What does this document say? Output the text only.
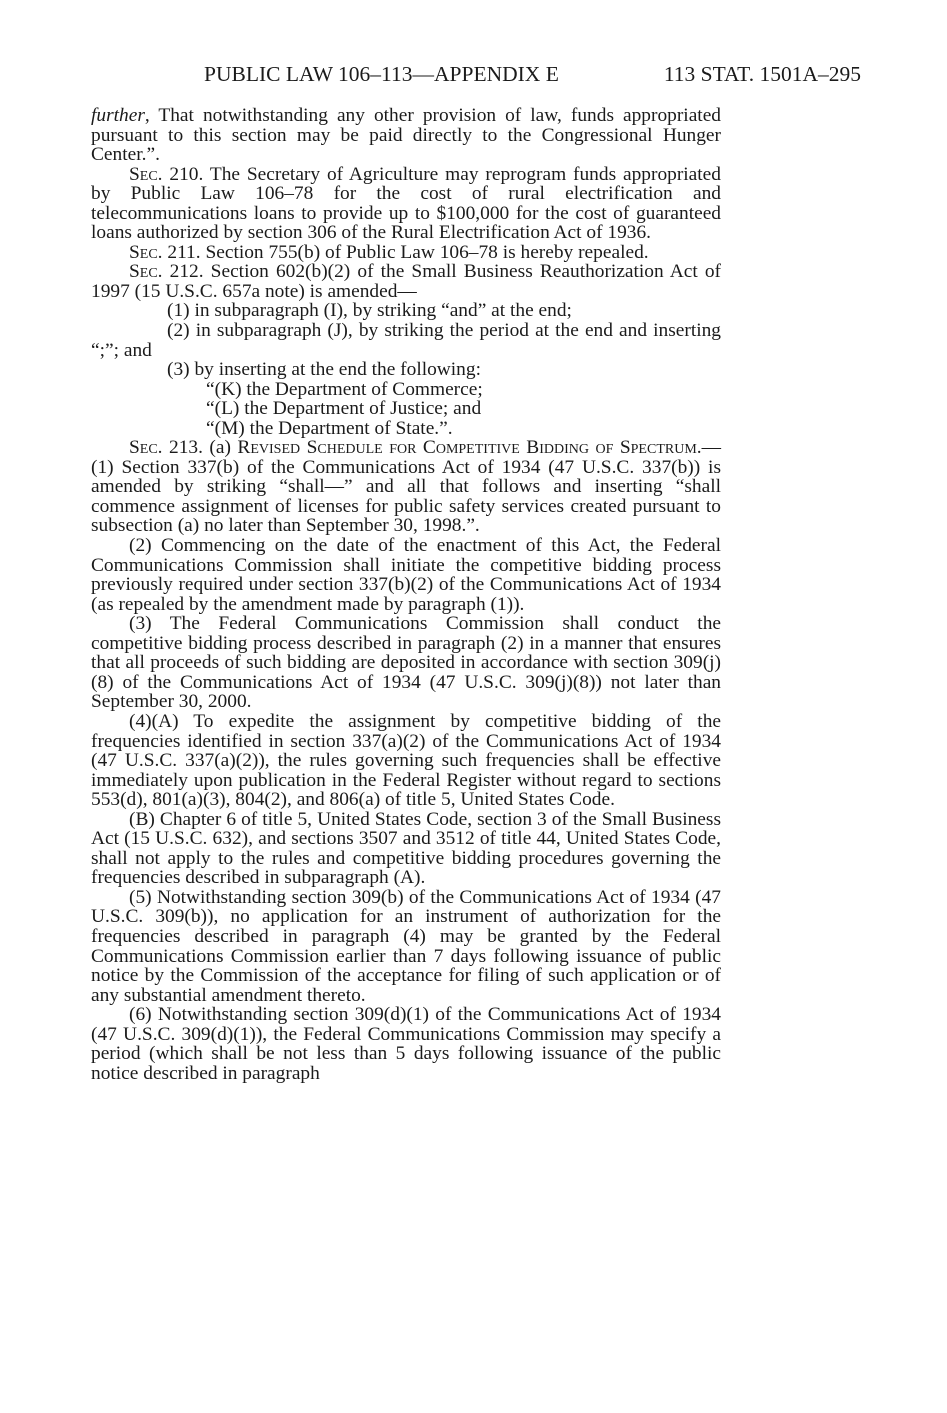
PUBLIC LAW 106–113—APPENDIX E	113 STAT. 1501A–295

further, That notwithstanding any other provision of law, funds appropriated pursuant to this section may be paid directly to the Congressional Hunger Center.”.

Sec. 210. The Secretary of Agriculture may reprogram funds appropriated by Public Law 106–78 for the cost of rural electrification and telecommunications loans to provide up to $100,000 for the cost of guaranteed loans authorized by section 306 of the Rural Electrification Act of 1936.

Sec. 211. Section 755(b) of Public Law 106–78 is hereby repealed.

Sec. 212. Section 602(b)(2) of the Small Business Reauthorization Act of 1997 (15 U.S.C. 657a note) is amended—

(1) in subparagraph (I), by striking “and” at the end;

(2) in subparagraph (J), by striking the period at the end and inserting “;”; and

(3) by inserting at the end the following:

“(K) the Department of Commerce;

“(L) the Department of Justice; and

“(M) the Department of State.”.

Sec. 213. (a) Revised Schedule for Competitive Bidding of Spectrum.—(1) Section 337(b) of the Communications Act of 1934 (47 U.S.C. 337(b)) is amended by striking “shall—” and all that follows and inserting “shall commence assignment of licenses for public safety services created pursuant to subsection (a) no later than September 30, 1998.”.

(2) Commencing on the date of the enactment of this Act, the Federal Communications Commission shall initiate the competitive bidding process previously required under section 337(b)(2) of the Communications Act of 1934 (as repealed by the amendment made by paragraph (1)).

(3) The Federal Communications Commission shall conduct the competitive bidding process described in paragraph (2) in a manner that ensures that all proceeds of such bidding are deposited in accordance with section 309(j)(8) of the Communications Act of 1934 (47 U.S.C. 309(j)(8)) not later than September 30, 2000.

(4)(A) To expedite the assignment by competitive bidding of the frequencies identified in section 337(a)(2) of the Communications Act of 1934 (47 U.S.C. 337(a)(2)), the rules governing such frequencies shall be effective immediately upon publication in the Federal Register without regard to sections 553(d), 801(a)(3), 804(2), and 806(a) of title 5, United States Code.

(B) Chapter 6 of title 5, United States Code, section 3 of the Small Business Act (15 U.S.C. 632), and sections 3507 and 3512 of title 44, United States Code, shall not apply to the rules and competitive bidding procedures governing the frequencies described in subparagraph (A).

(5) Notwithstanding section 309(b) of the Communications Act of 1934 (47 U.S.C. 309(b)), no application for an instrument of authorization for the frequencies described in paragraph (4) may be granted by the Federal Communications Commission earlier than 7 days following issuance of public notice by the Commission of the acceptance for filing of such application or of any substantial amendment thereto.

(6) Notwithstanding section 309(d)(1) of the Communications Act of 1934 (47 U.S.C. 309(d)(1)), the Federal Communications Commission may specify a period (which shall be not less than 5 days following issuance of the public notice described in paragraph
